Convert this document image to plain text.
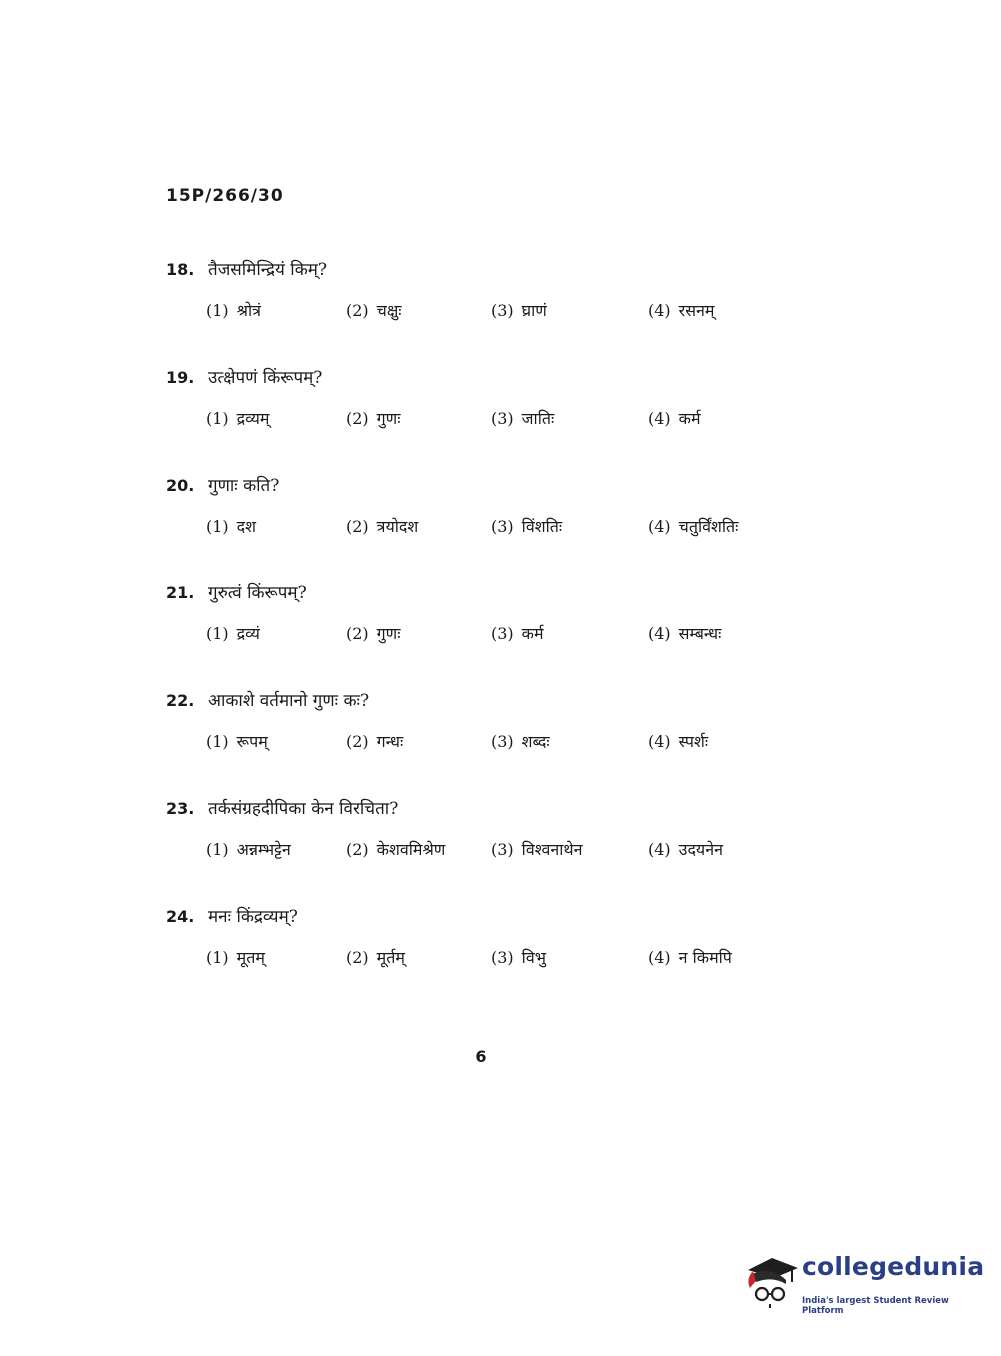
15P/266/30
18. तैजसमिन्द्रियं किम्?
(1) श्रोत्रं	(2) चक्षुः	(3) घ्राणं	(4) रसनम्
19. उत्क्षेपणं किंरूपम्?
(1) द्रव्यम्	(2) गुणः	(3) जातिः	(4) कर्म
20. गुणाः कति?
(1) दश	(2) त्रयोदश	(3) विंशतिः	(4) चतुर्विंशतिः
21. गुरुत्वं किंरूपम्?
(1) द्रव्यं	(2) गुणः	(3) कर्म	(4) सम्बन्धः
22. आकाशे वर्तमानो गुणः कः?
(1) रूपम्	(2) गन्धः	(3) शब्दः	(4) स्पर्शः
23. तर्कसंग्रहदीपिका केन विरचिता?
(1) अन्नम्भट्टेन	(2) केशवमिश्रेण	(3) विश्वनाथेन	(4) उदयनेन
24. मनः किंद्रव्यम्?
(1) मूतम्	(2) मूर्तम्	(3) विभु	(4) न किमपि
6
collegedunia
India's largest Student Review Platform
